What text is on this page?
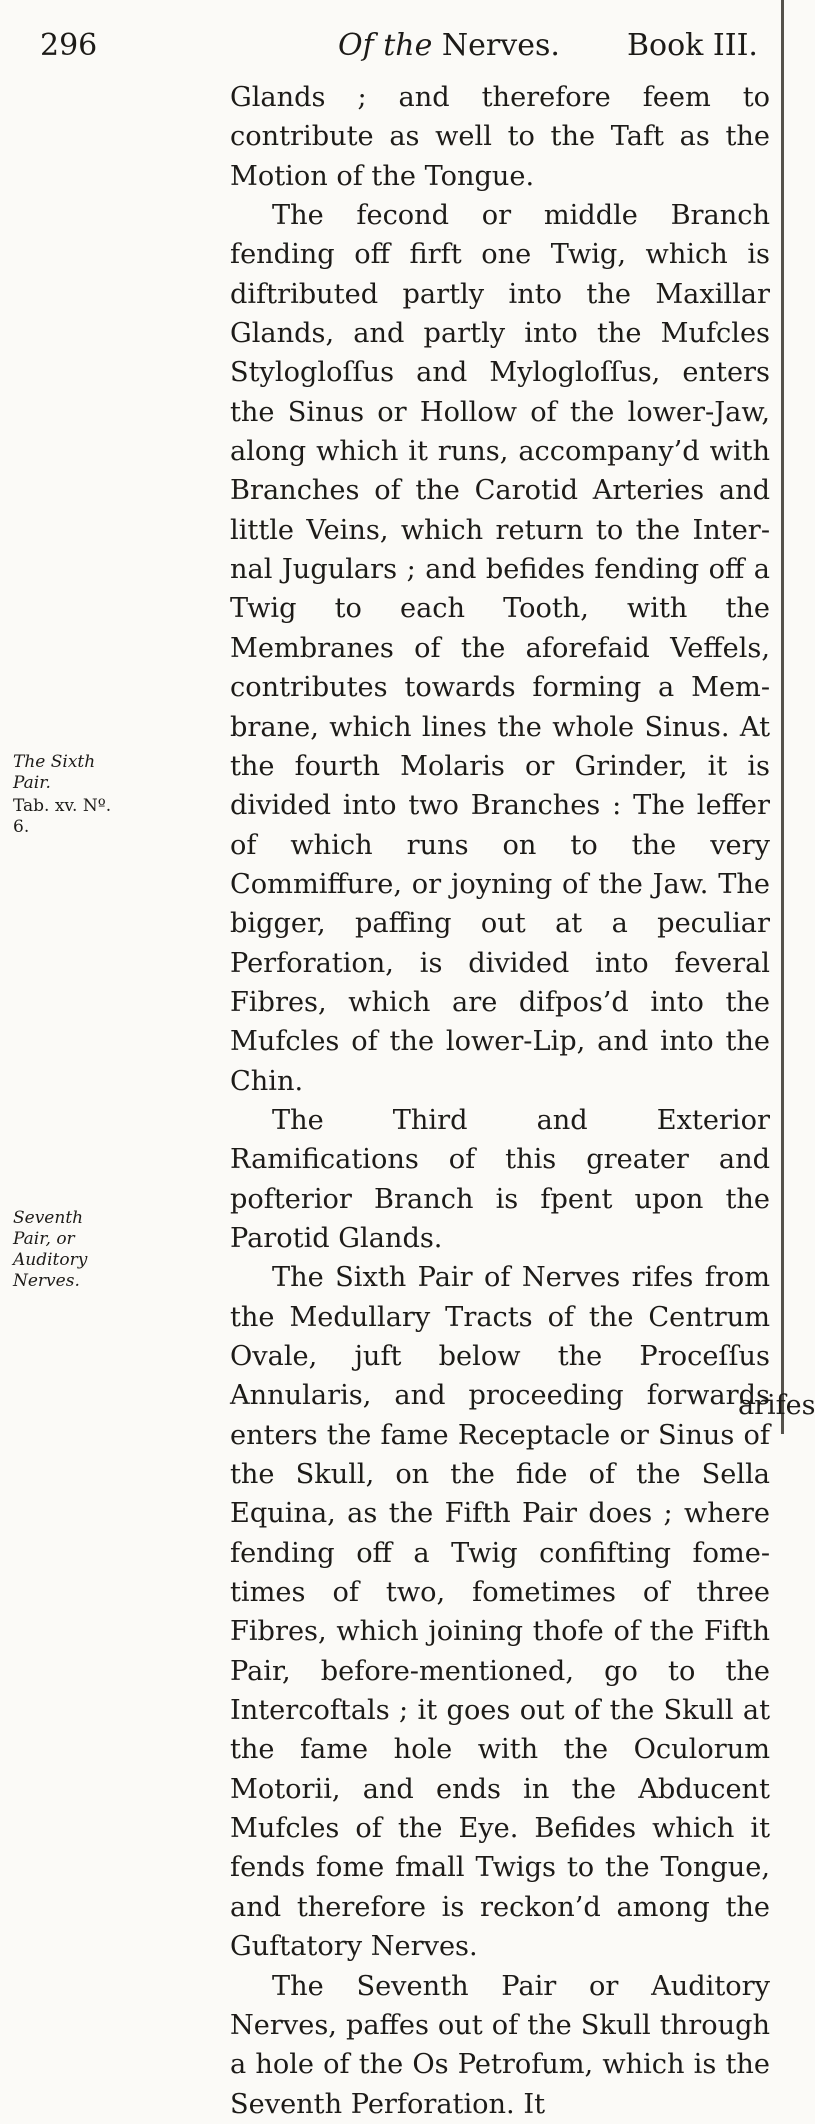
296	Of the Nerves. Book III.
The Sixth Pair.
Tab. xv. Nº. 6.
Seventh Pair, or Auditory Nerves.

Glands ; and therefore feem to contribute as well to the Taft as the Motion of the Tongue.

The fecond or middle Branch fending off firft one Twig, which is diftributed partly into the Maxillar Glands, and partly into the Mufcles Stylogloſſus and Mylogloſſus, enters the Sinus or Hollow of the lower-Jaw, along which it runs, accompany’d with Branches of the Carotid Arteries and little Veins, which return to the Internal Jugulars ; and befides fending off a Twig to each Tooth, with the Membranes of the aforefaid Veffels, contributes towards forming a Membrane, which lines the whole Sinus. At the fourth Molaris or Grinder, it is divided into two Branches : The leffer of which runs on to the very Commiffure, or joyning of the Jaw. The bigger, paffing out at a peculiar Perforation, is divided into feveral Fibres, which are difpos’d into the Mufcles of the lower-Lip, and into the Chin.

The Third and Exterior Ramifications of this greater and pofterior Branch is fpent upon the Parotid Glands.

The Sixth Pair of Nerves rifes from the Medullary Tracts of the Centrum Ovale, juft below the Proceſſus Annularis, and proceeding forwards enters the fame Receptacle or Sinus of the Skull, on the fide of the Sella Equina, as the Fifth Pair does ; where fending off a Twig confifting fometimes of two, fometimes of three Fibres, which joining thofe of the Fifth Pair, before-mentioned, go to the Intercoftals ; it goes out of the Skull at the fame hole with the Oculorum Motorii, and ends in the Abducent Mufcles of the Eye. Befides which it fends fome fmall Twigs to the Tongue, and therefore is reckon’d among the Guftatory Nerves.

The Seventh Pair or Auditory Nerves, paffes out of the Skull through a hole of the Os Petrofum, which is the Seventh Perforation. It

arifes
